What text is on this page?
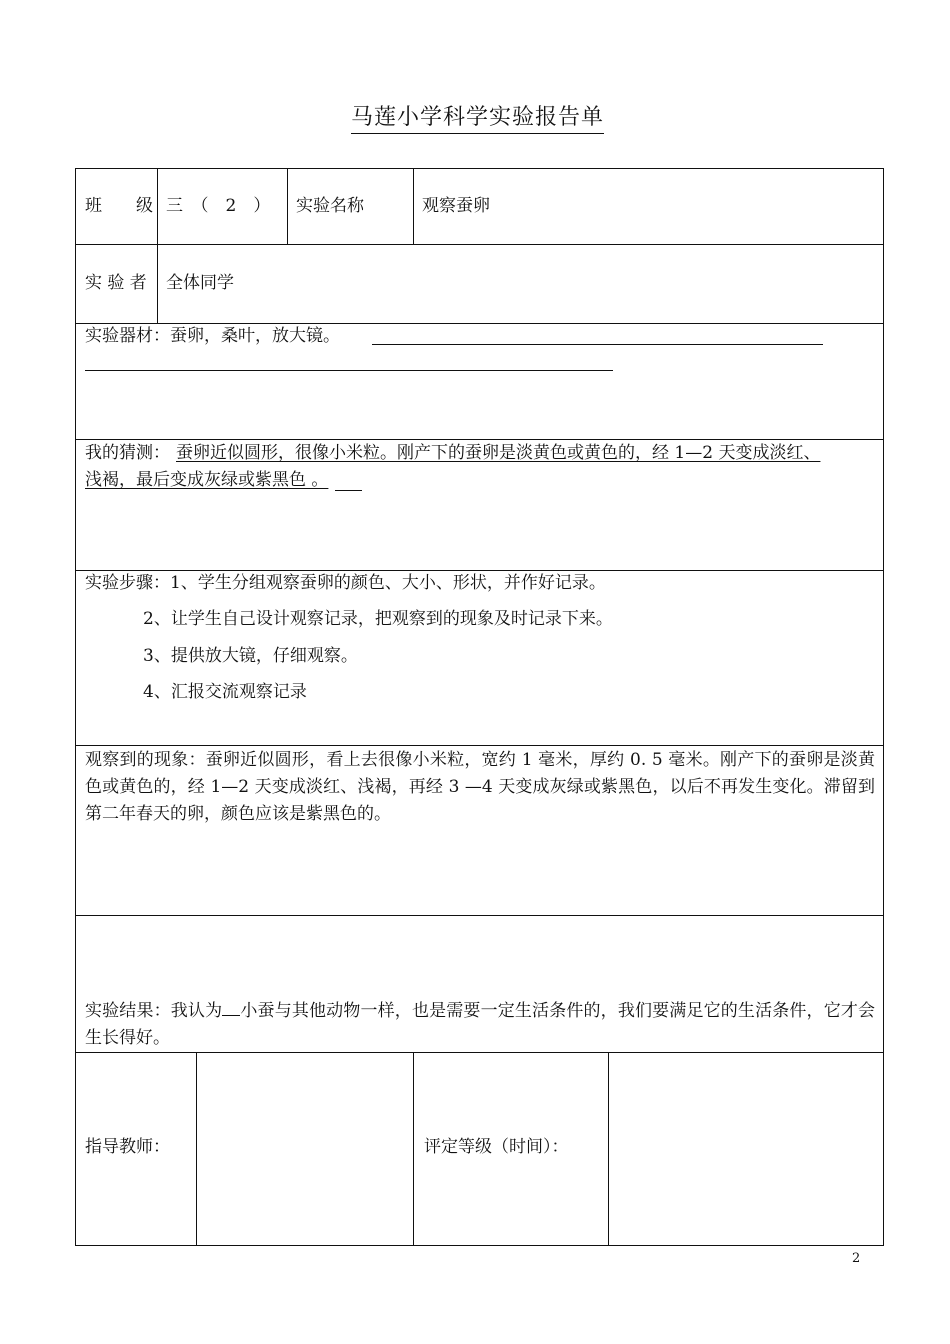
马莲小学科学实验报告单
班　　级 三　（　2　） 实验名称	观察蚕卵
实 验 者 全体同学
实验器材：蚕卵，桑叶，放大镜。
我的猜测： 蚕卵近似圆形，很像小米粒。刚产下的蚕卵是淡黄色或黄色的，经 1—2 天变成淡红、
浅褐，最后变成灰绿或紫黑色 。
实验步骤：1、学生分组观察蚕卵的颜色、大小、形状，并作好记录。
2、让学生自己设计观察记录，把观察到的现象及时记录下来。
3、提供放大镜，仔细观察。
4、汇报交流观察记录
观察到的现象：蚕卵近似圆形，看上去很像小米粒，宽约 1 毫米，厚约 0. 5 毫米。刚产下的蚕卵是淡黄色或黄色的，经 1—2 天变成淡红、浅褐，再经 3 —4 天变成灰绿或紫黑色，以后不再发生变化。滞留到第二年春天的卵，颜色应该是紫黑色的。
实验结果：我认为 小蚕与其他动物一样，也是需要一定生活条件的，我们要满足它的生活条件，它才会生长得好。
指导教师：	评定等级（时间）：
2
